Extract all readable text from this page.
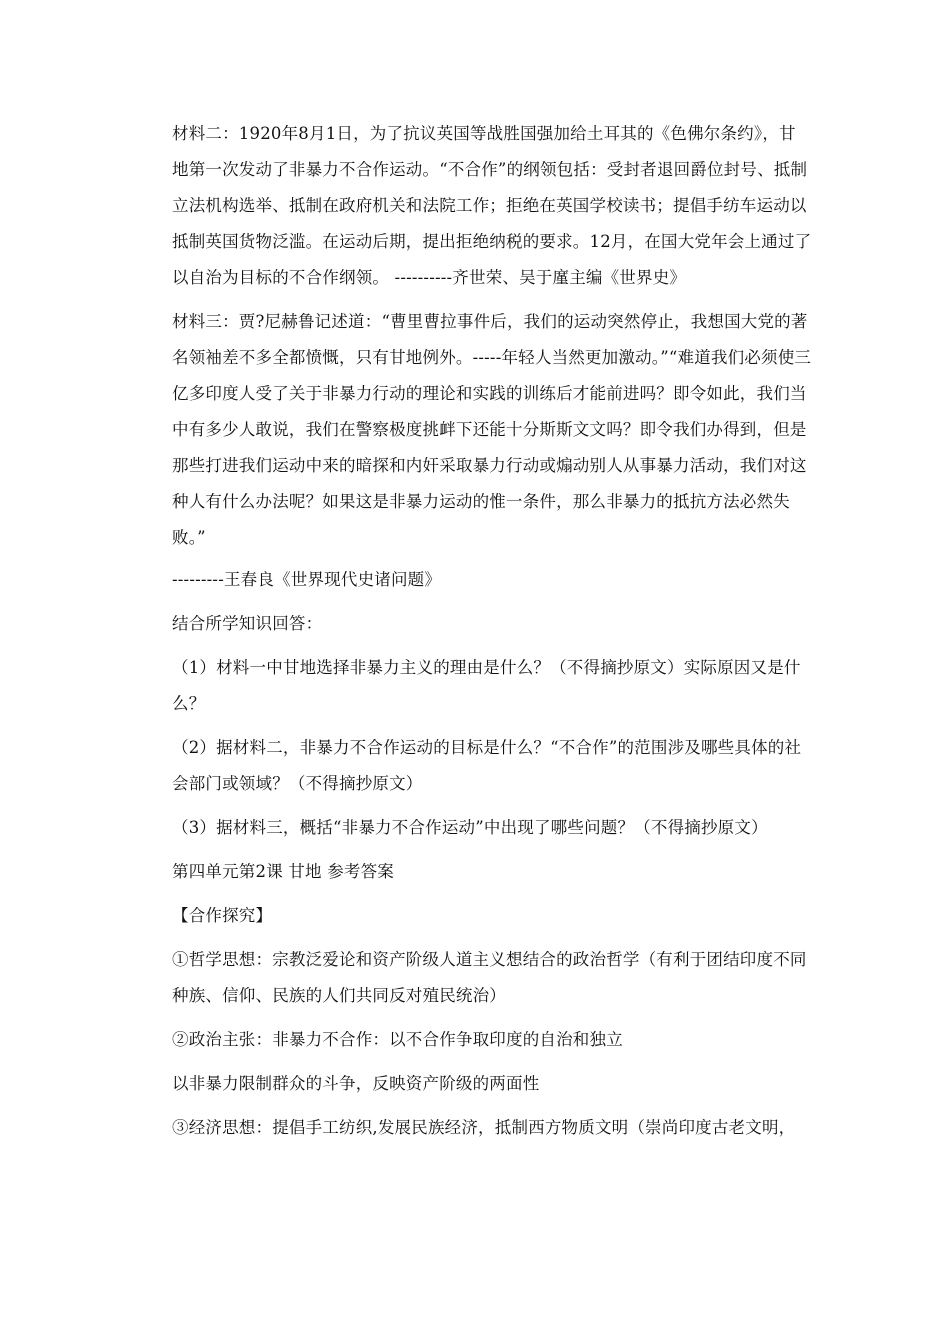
材料二：1920年8月1日，为了抗议英国等战胜国强加给土耳其的《色佛尔条约》，甘地第一次发动了非暴力不合作运动。“不合作”的纲领包括：受封者退回爵位封号、抵制立法机构选举、抵制在政府机关和法院工作；拒绝在英国学校读书；提倡手纺车运动以抵制英国货物泛滥。在运动后期，提出拒绝纳税的要求。12月，在国大党年会上通过了以自治为目标的不合作纲领。 ----------齐世荣、吴于廑主编《世界史》

材料三：贾?尼赫鲁记述道：“曹里曹拉事件后，我们的运动突然停止，我想国大党的著名领袖差不多全都愤慨，只有甘地例外。-----年轻人当然更加激动。”“难道我们必须使三亿多印度人受了关于非暴力行动的理论和实践的训练后才能前进吗？即令如此，我们当中有多少人敢说，我们在警察极度挑衅下还能十分斯斯文文吗？即令我们办得到，但是那些打进我们运动中来的暗探和内奸采取暴力行动或煽动别人从事暴力活动，我们对这种人有什么办法呢？如果这是非暴力运动的惟一条件，那么非暴力的抵抗方法必然失败。”

---------王春良《世界现代史诸问题》

结合所学知识回答：

（1）材料一中甘地选择非暴力主义的理由是什么？（不得摘抄原文）实际原因又是什么？

（2）据材料二，非暴力不合作运动的目标是什么？“不合作”的范围涉及哪些具体的社会部门或领域？（不得摘抄原文）

（3）据材料三，概括“非暴力不合作运动”中出现了哪些问题？（不得摘抄原文）

第四单元第2课 甘地 参考答案

【合作探究】

①哲学思想：宗教泛爱论和资产阶级人道主义想结合的政治哲学（有利于团结印度不同种族、信仰、民族的人们共同反对殖民统治）

②政治主张：非暴力不合作：以不合作争取印度的自治和独立

以非暴力限制群众的斗争，反映资产阶级的两面性

③经济思想：提倡手工纺织,发展民族经济，抵制西方物质文明（崇尚印度古老文明，
